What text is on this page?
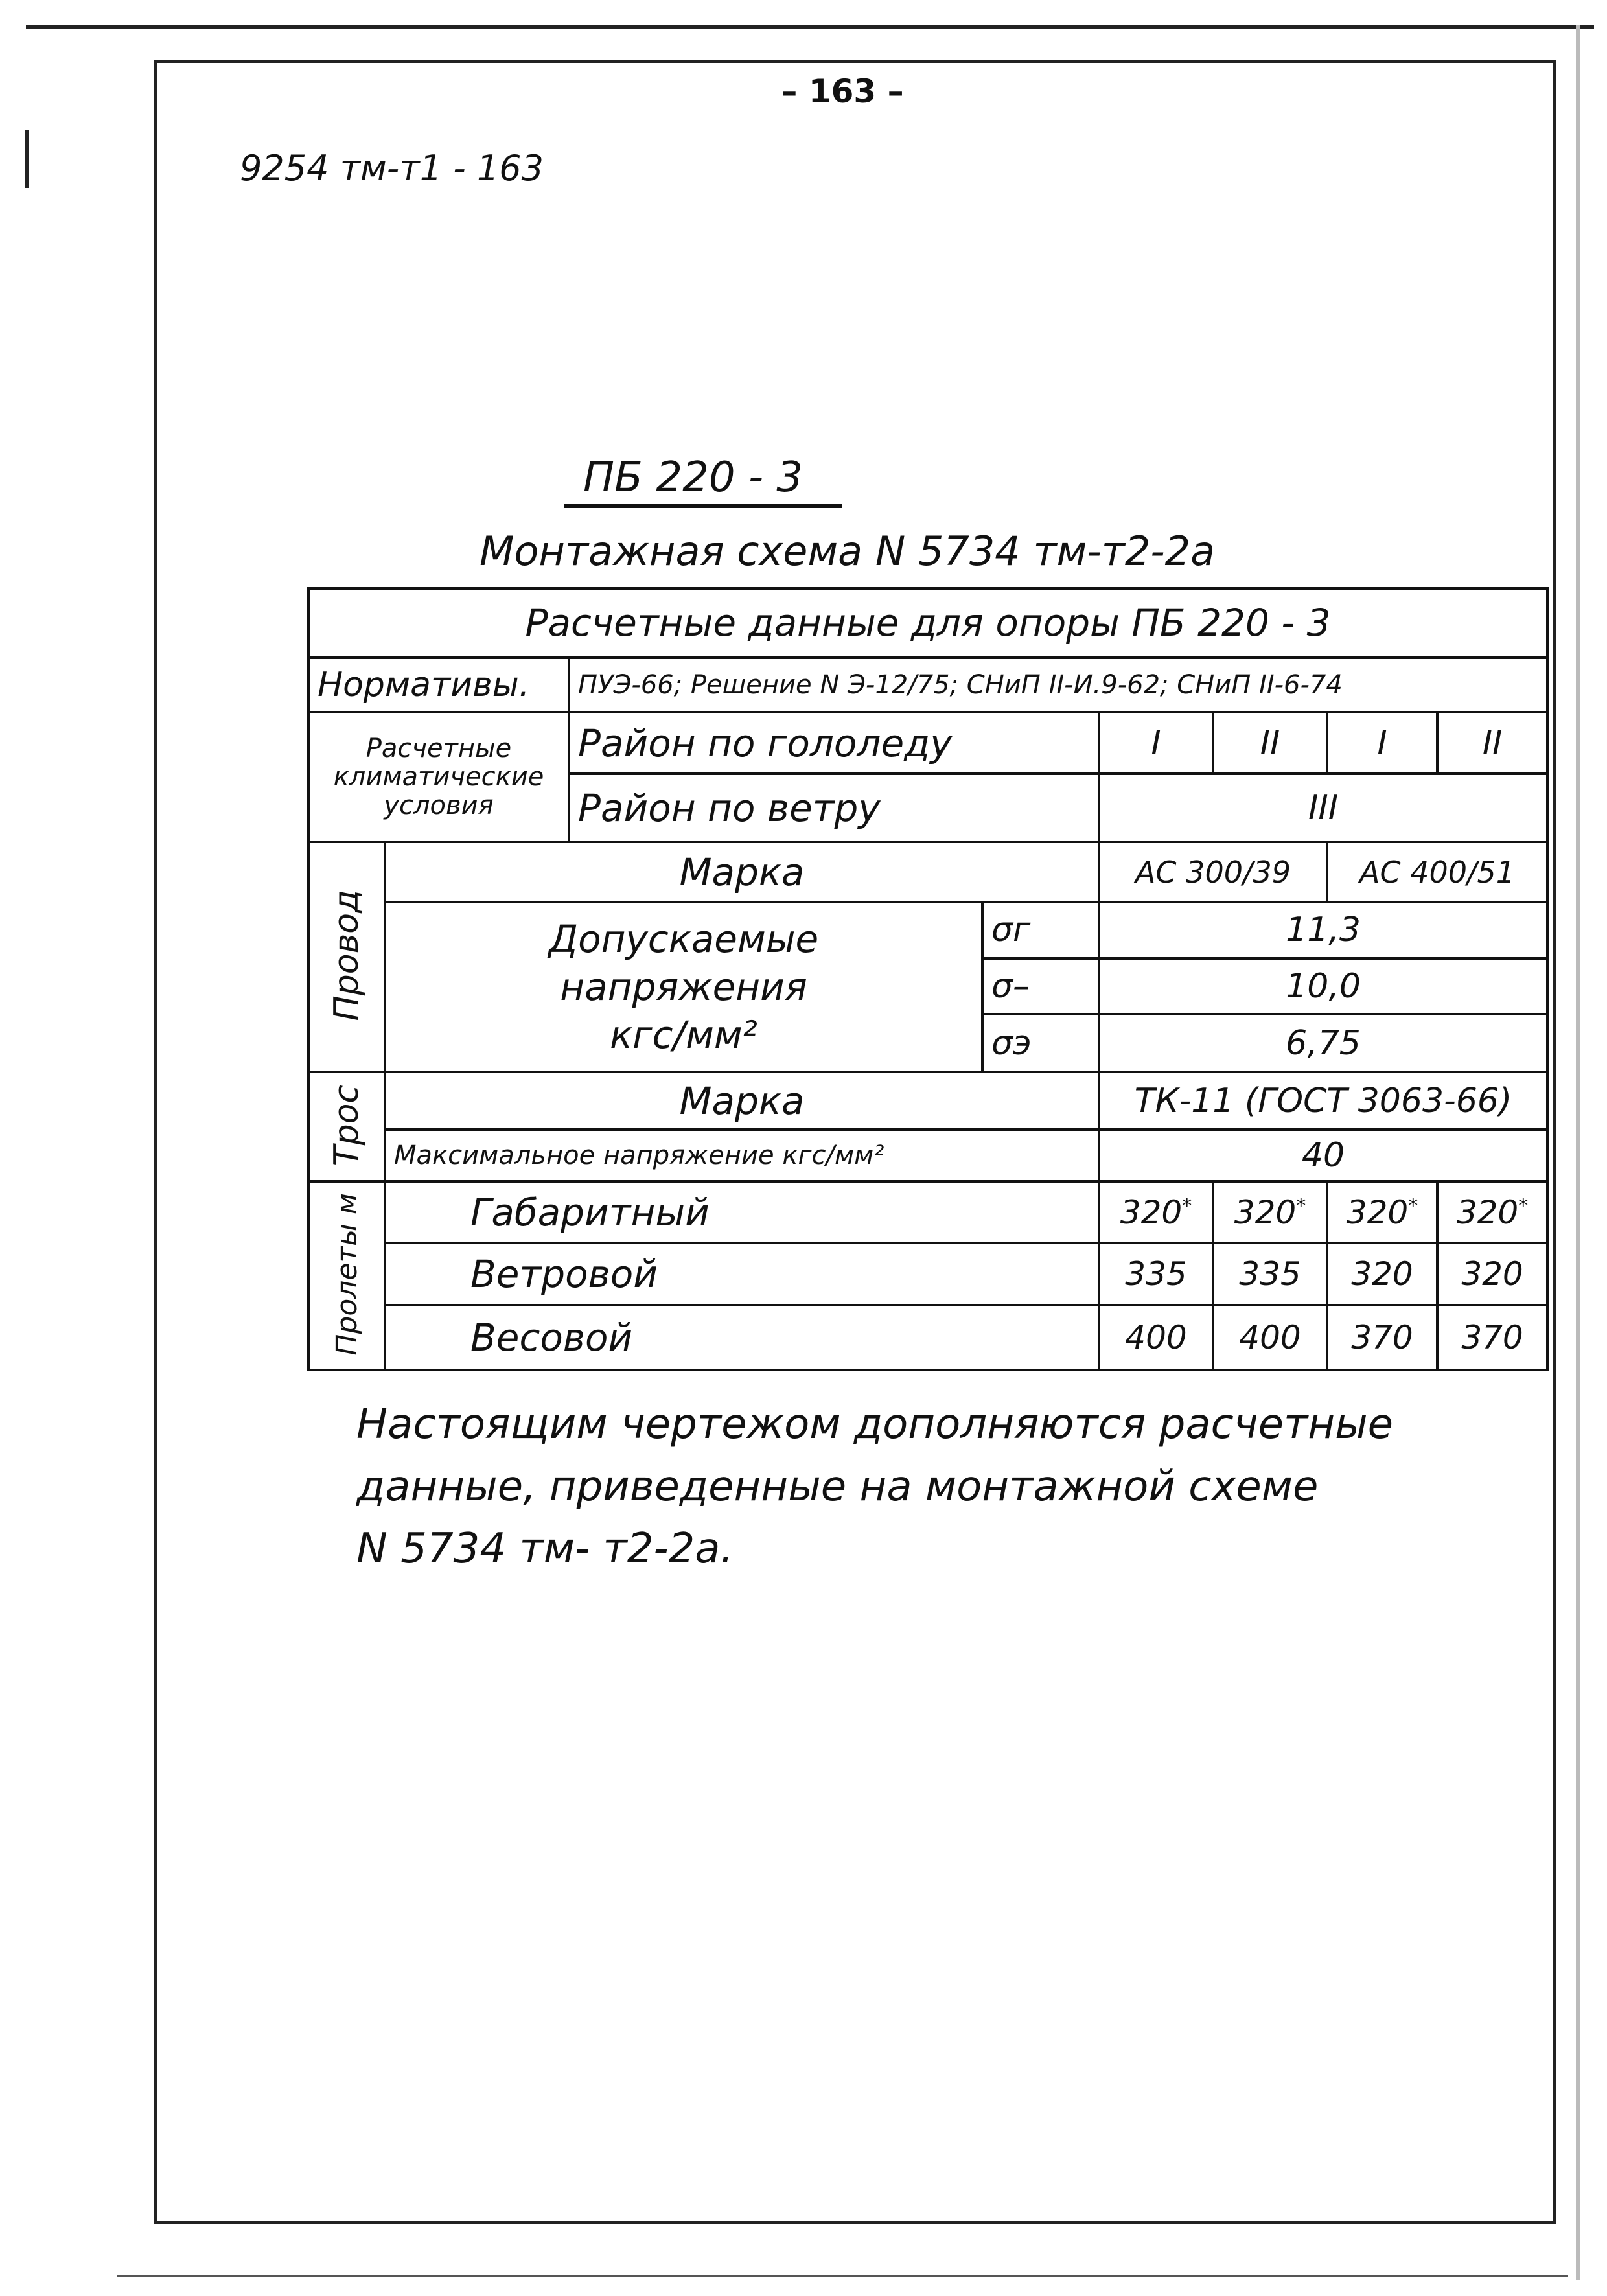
– 163 –
9254 тм-т1 - 163
ПБ 220 - 3
Монтажная схема N 5734 тм-т2-2а
Расчетные данные для опоры ПБ 220 - 3							
Нормативы.		ПУЭ-66; Решение N Э-12/75; СНиП II-И.9-62; СНиП II-6-74					

Расчетные
климатические
условия		Район по гололеду		I	II	I	II
		Район по ветру		III			
Провод	Марка			АС 300/39		АС 400/51	

	Допускаемые
напряжения
кгс/мм²		σг	11,3			
			σ–	10,0			
			σэ	6,75			
Трос	Марка			ТК-11 (ГОСТ 3063-66)			
	Максимальное напряжение кгс/мм²			40			
Пролеты м	Габаритный			320*	320*	320*	320*
	Ветровой			335	335	320	320
	Весовой			400	400	370	370

Настоящим чертежом дополняются расчетные

данные, приведенные на монтажной схеме

N 5734 тм- т2-2а.
